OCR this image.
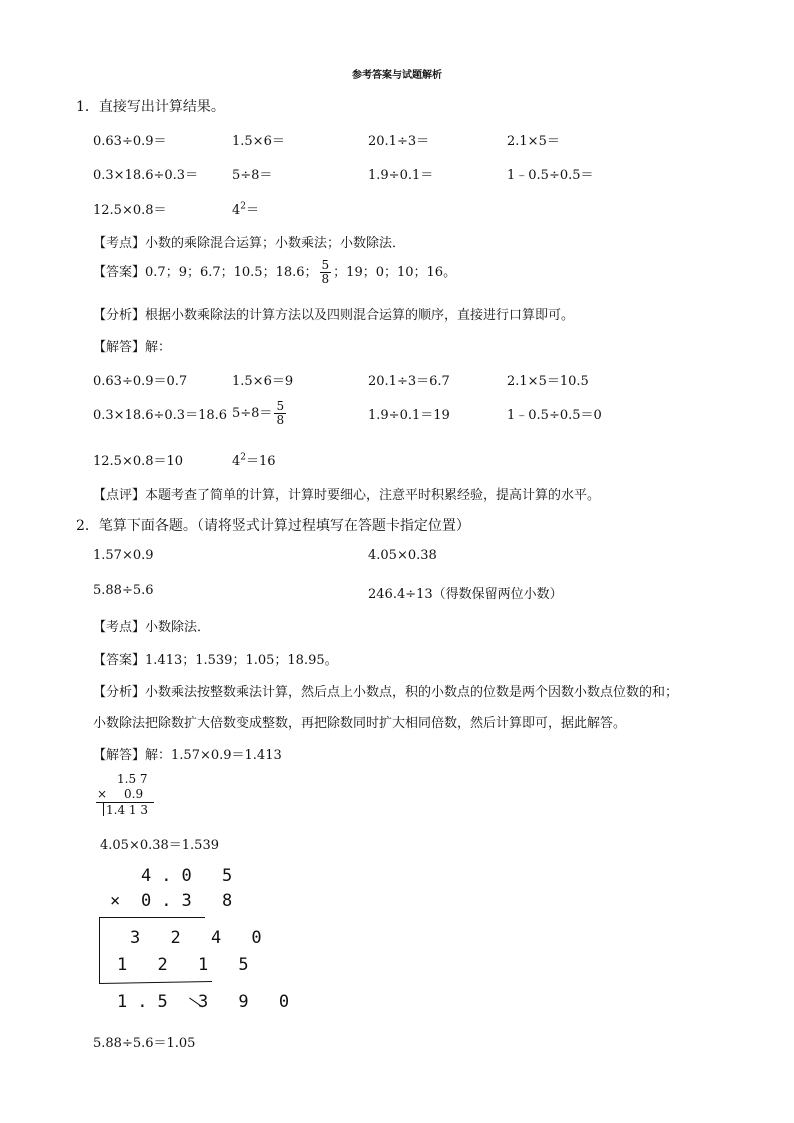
参考答案与试题解析
1．直接写出计算结果。
0.63÷0.9＝	1.5×6＝	20.1÷3＝	2.1×5＝
0.3×18.6÷0.3＝	5÷8＝	1.9÷0.1＝	1﹣0.5÷0.5＝
12.5×0.8＝	$4^2=$
【考点】小数的乘除混合运算；小数乘法；小数除法．
【答案】0.7；9；6.7；10.5；18.6； $\frac{5}{8}$ ；19；0；10；16。
【分析】根据小数乘除法的计算方法以及四则混合运算的顺序，直接进行口算即可。
【解答】解：
0.63÷0.9＝0.7	1.5×6＝9	20.1÷3＝6.7	2.1×5＝10.5
0.3×18.6÷0.3＝18.6 $5\div 8= \frac{5}{8}$	1.9÷0.1＝19	1﹣0.5÷0.5＝0
12.5×0.8＝10	$4^2=16$
【点评】本题考查了简单的计算，计算时要细心，注意平时积累经验，提高计算的水平。
2．笔算下面各题。（请将竖式计算过程填写在答题卡指定位置）
1.57×0.9	4.05×0.38
5.88÷5.6	246.4÷13（得数保留两位小数）
【考点】小数除法．
【答案】1.413；1.539；1.05；18.95。
【分析】小数乘法按整数乘法计算，然后点上小数点，积的小数点的位数是两个因数小数点位数的和；
小数除法把除数扩大倍数变成整数，再把除数同时扩大相同倍数，然后计算即可，据此解答。
【解答】解：1.57×0.9＝1.413
1.5 7
× 0.9
1.4 1 3
4.05×0.38＝1.539
4.0 5
× 0.3 8
3 2 4 0
1 2 1 5
1.5 3 9 0
5.88÷5.6＝1.05
